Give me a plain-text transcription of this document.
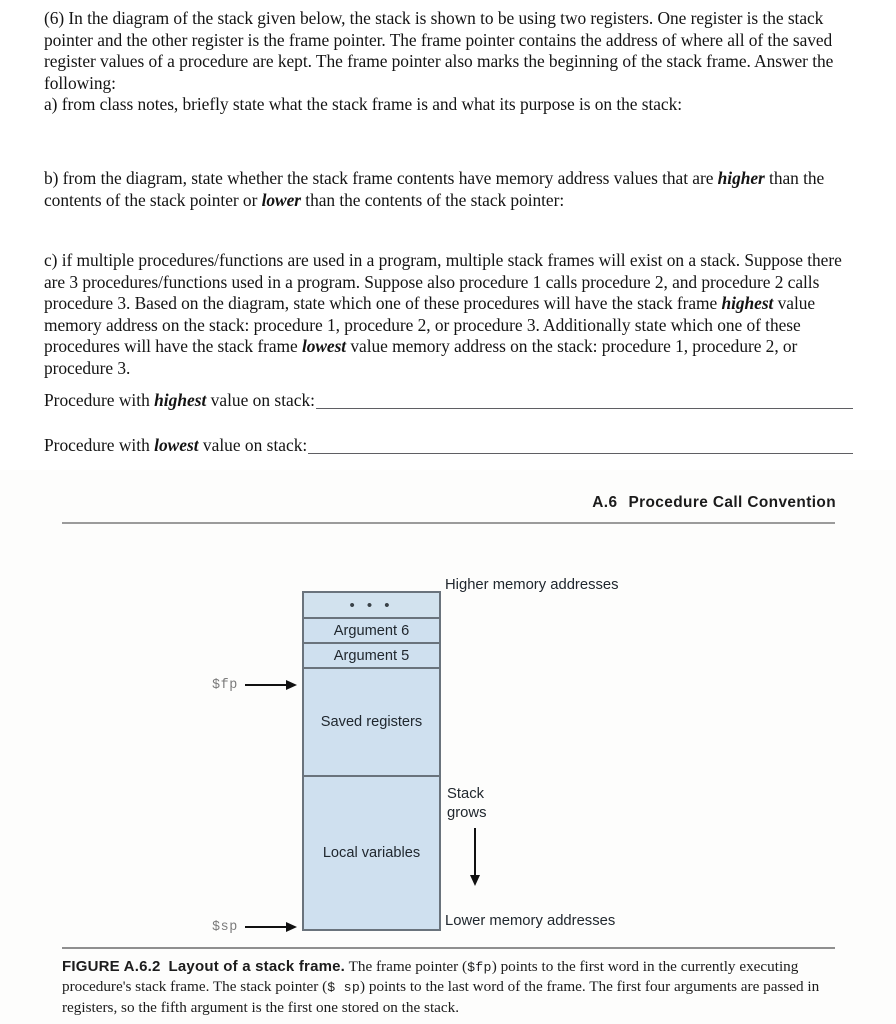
(6) In the diagram of the stack given below, the stack is shown to be using two registers. One register is the stack pointer and the other register is the frame pointer. The frame pointer contains the address of where all of the saved register values of a procedure are kept. The frame pointer also marks the beginning of the stack frame. Answer the following:

a) from class notes, briefly state what the stack frame is and what its purpose is on the stack:

b) from the diagram, state whether the stack frame contents have memory address values that are higher than the contents of the stack pointer or lower than the contents of the stack pointer:

c) if multiple procedures/functions are used in a program, multiple stack frames will exist on a stack. Suppose there are 3 procedures/functions used in a program. Suppose also procedure 1 calls procedure 2, and procedure 2 calls procedure 3. Based on the diagram, state which one of these procedures will have the stack frame highest value memory address on the stack: procedure 1, procedure 2, or procedure 3. Additionally state which one of these procedures will have the stack frame lowest value memory address on the stack: procedure 1, procedure 2, or procedure 3.

Procedure with highest value on stack:
Procedure with lowest value on stack:
A.6 Procedure Call Convention
• • •
Argument 6
Argument 5
Saved registers
Local variables
$fp
$sp
Higher memory addresses
Stack
grows
Lower memory addresses
FIGURE A.6.2 Layout of a stack frame. The frame pointer ($fp) points to the first word in the currently executing procedure's stack frame. The stack pointer ($ sp) points to the last word of the frame. The first four arguments are passed in registers, so the fifth argument is the first one stored on the stack.
